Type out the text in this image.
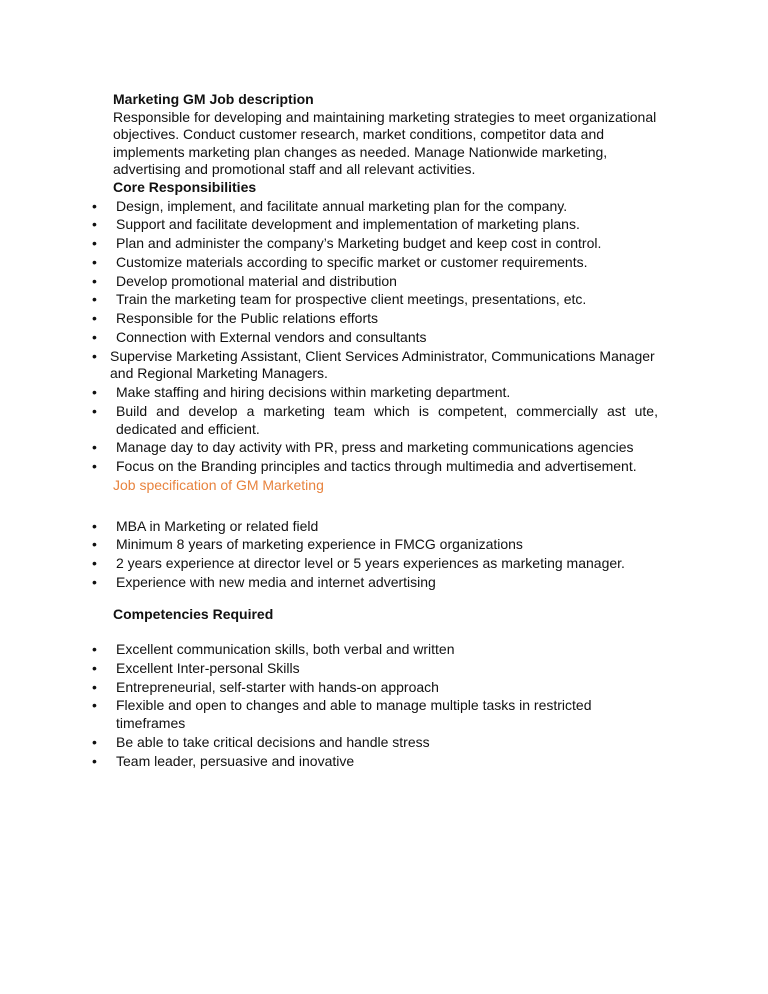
Marketing GM Job description

Responsible for developing and maintaining marketing strategies to meet organizational objectives. Conduct customer research, market conditions, competitor data and implements marketing plan changes as needed. Manage Nationwide marketing, advertising and promotional staff and all relevant activities.

Core Responsibilities
• Design, implement, and facilitate annual marketing plan for the company.
• Support and facilitate development and implementation of marketing plans.
• Plan and administer the company’s Marketing budget and keep cost in control.
• Customize materials according to specific market or customer requirements.
• Develop promotional material and distribution
• Train the marketing team for prospective client meetings, presentations, etc.
• Responsible for the Public relations efforts
• Connection with External vendors and consultants
• Supervise Marketing Assistant, Client Services Administrator, Communications Manager and Regional Marketing Managers.
• Make staffing and hiring decisions within marketing department.
• Build and develop a marketing team which is competent, commercially ast ute, dedicated and efficient.
• Manage day to day activity with PR, press and marketing communications agencies
• Focus on the Branding principles and tactics through multimedia and advertisement.
Job specification of GM Marketing
• MBA in Marketing or related field
• Minimum 8 years of marketing experience in FMCG organizations
• 2 years experience at director level or 5 years experiences as marketing manager.
• Experience with new media and internet advertising
Competencies Required
• Excellent communication skills, both verbal and written
• Excellent Inter-personal Skills
• Entrepreneurial, self-starter with hands-on approach
• Flexible and open to changes and able to manage multiple tasks in restricted timeframes
• Be able to take critical decisions and handle stress
• Team leader, persuasive and inovative
